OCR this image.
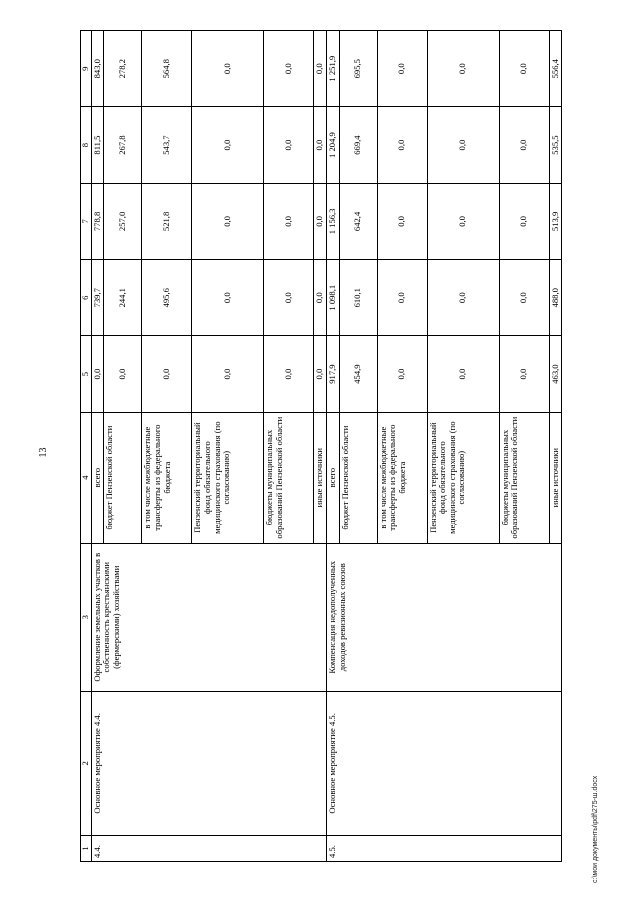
13
1	2	3	4	5	6	7	8	9
4.4.	Основное мероприятие 4.4.	Оформление земельных участков в собственность крестьянскими (фермерскими) хозяйствами	всего	0,0	739,7	778,8	811,5	843,0
			бюджет Пензенской области	0,0	244,1	257,0	267,8	278,2
			в том числе межбюджетные трансферты из федерального бюджета	0,0	495,6	521,8	543,7	564,8
			Пензенский территориальный фонд обязательного медицинского страхования (по согласованию)	0,0	0,0	0,0	0,0	0,0
			бюджеты муниципальных образований Пензенской области	0,0	0,0	0,0	0,0	0,0
			иные источники	0,0	0,0	0,0	0,0	0,0
4.5.	Основное мероприятие 4.5.	Компенсация недополученных доходов ревизионных союзов	всего	917,9	1 098,1	1 156,3	1 204,9	1 251,9
			бюджет Пензенской области	454,9	610,1	642,4	669,4	695,5
			в том числе межбюджетные трансферты из федерального бюджета	0,0	0,0	0,0	0,0	0,0
			Пензенский территориальный фонд обязательного медицинского страхования (по согласованию)	0,0	0,0	0,0	0,0	0,0
			бюджеты муниципальных образований Пензенской области	0,0	0,0	0,0	0,0	0,0
			иные источники	463,0	488,0	513,9	535,5	556,4
c:\мои документы\pdf\275-ш.docx
